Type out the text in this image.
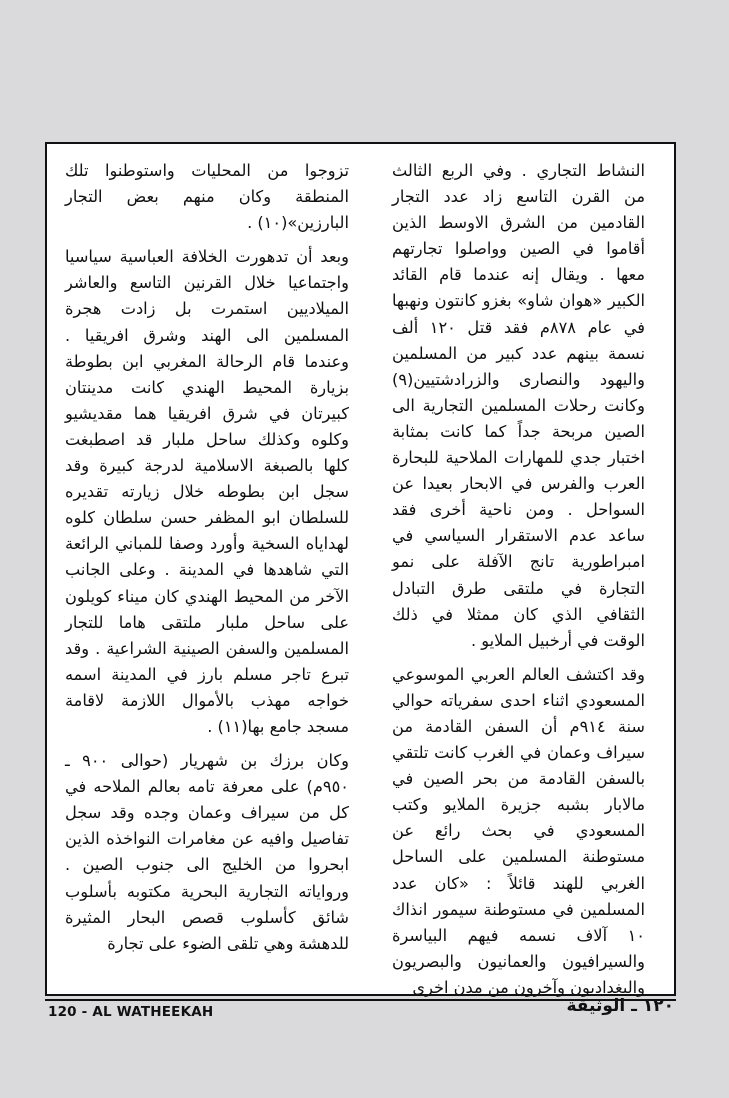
النشاط التجاري . وفي الربع الثالث من القرن التاسع زاد عدد التجار القادمين من الشرق الاوسط الذين أقاموا في الصين وواصلوا تجارتهم معها . ويقال إنه عندما قام القائد الكبير «هوان شاو» بغزو كانتون ونهبها في عام ٨٧٨م فقد قتل ١٢٠ ألف نسمة بينهم عدد كبير من المسلمين واليهود والنصارى والزرادشتيين(٩) وكانت رحلات المسلمين التجارية الى الصين مربحة جداً كما كانت بمثابة اختبار جدي للمهارات الملاحية للبحارة العرب والفرس في الابحار بعيدا عن السواحل . ومن ناحية أخرى فقد ساعد عدم الاستقرار السياسي في امبراطورية تانج الآفلة على نمو التجارة في ملتقى طرق التبادل الثقافي الذي كان ممثلا في ذلك الوقت في أرخبيل الملايو .

وقد اكتشف العالم العربي الموسوعي المسعودي اثناء احدى سفرياته حوالي سنة ٩١٤م أن السفن القادمة من سيراف وعمان في الغرب كانت تلتقي بالسفن القادمة من بحر الصين في مالابار بشبه جزيرة الملايو وكتب المسعودي في بحث رائع عن مستوطنة المسلمين على الساحل الغربي للهند قائلاً : «كان عدد المسلمين في مستوطنة سيمور انذاك ١٠ آلاف نسمه فيهم البياسرة والسيرافيون والعمانيون والبصريون والبغداديون وآخرون من مدن اخرى

تزوجوا من المحليات واستوطنوا تلك المنطقة وكان منهم بعض التجار البارزين»(١٠) .

وبعد أن تدهورت الخلافة العباسية سياسيا واجتماعيا خلال القرنين التاسع والعاشر الميلاديين استمرت بل زادت هجرة المسلمين الى الهند وشرق افريقيا . وعندما قام الرحالة المغربي ابن بطوطة بزيارة المحيط الهندي كانت مدينتان كبيرتان في شرق افريقيا هما مقديشيو وكلوه وكذلك ساحل ملبار قد اصطبغت كلها بالصبغة الاسلامية لدرجة كبيرة وقد سجل ابن بطوطه خلال زيارته تقديره للسلطان ابو المظفر حسن سلطان كلوه لهداياه السخية وأورد وصفا للمباني الرائعة التي شاهدها في المدينة . وعلى الجانب الآخر من المحيط الهندي كان ميناء كويلون على ساحل ملبار ملتقى هاما للتجار المسلمين والسفن الصينية الشراعية . وقد تبرع تاجر مسلم بارز في المدينة اسمه خواجه مهذب بالأموال اللازمة لاقامة مسجد جامع بها(١١) .

وكان برزك بن شهريار (حوالى ٩٠٠ ـ ٩٥٠م) على معرفة تامه بعالم الملاحه في كل من سيراف وعمان وجده وقد سجل تفاصيل وافيه عن مغامرات النواخذه الذين ابحروا من الخليج الى جنوب الصين . ورواياته التجارية البحرية مكتوبه بأسلوب شائق كأسلوب قصص البحار المثيرة للدهشة وهي تلقى الضوء على تجارة

120 - AL WATHEEKAH	١٢٠ ـ الوثيقة
